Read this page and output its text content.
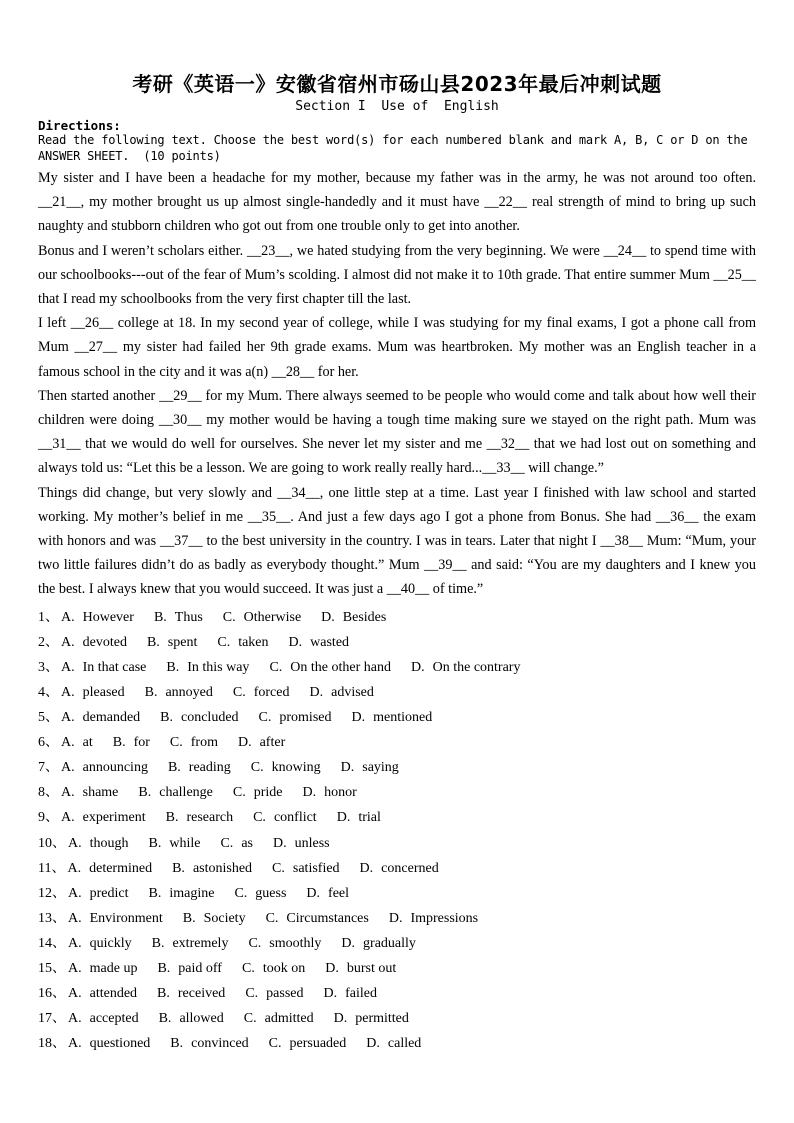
考研《英语一》安徽省宿州市砀山县2023年最后冲刺试题
Section I  Use of  English
Directions:
Read the following text. Choose the best word(s) for each numbered blank and mark A, B, C or D on the ANSWER SHEET.  (10 points)

My sister and I have been a headache for my mother, because my father was in the army, he was not around too often. __21__, my mother brought us up almost single-handedly and it must have __22__ real strength of mind to bring up such naughty and stubborn children who got out from one trouble only to get into another.

Bonus and I weren’t scholars either. __23__, we hated studying from the very beginning. We were __24__ to spend time with our schoolbooks---out of the fear of Mum’s scolding. I almost did not make it to 10th grade. That entire summer Mum __25__ that I read my schoolbooks from the very first chapter till the last.

I left __26__ college at 18. In my second year of college, while I was studying for my final exams, I got a phone call from Mum __27__ my sister had failed her 9th grade exams. Mum was heartbroken. My mother was an English teacher in a famous school in the city and it was a(n) __28__ for her.

Then started another __29__ for my Mum. There always seemed to be people who would come and talk about how well their children were doing __30__ my mother would be having a tough time making sure we stayed on the right path. Mum was __31__ that we would do well for ourselves. She never let my sister and me __32__ that we had lost out on something and always told us: “Let this be a lesson. We are going to work really really hard...__33__ will change.”

Things did change, but very slowly and __34__, one little step at a time. Last year I finished with law school and started working. My mother’s belief in me __35__. And just a few days ago I got a phone from Bonus. She had __36__ the exam with honors and was __37__ to the best university in the country. I was in tears. Later that night I __38__ Mum: “Mum, your two little failures didn’t do as badly as everybody thought.” Mum __39__ and said: “You are my daughters and I knew you the best. I always knew that you would succeed. It was just a __40__ of time.”

1、 A. However B. Thus C. Otherwise D. Besides
2、 A. devoted B. spent C. taken D. wasted
3、 A. In that case B. In this way C. On the other hand D. On the contrary
4、 A. pleased B. annoyed C. forced D. advised
5、 A. demanded B. concluded C. promised D. mentioned
6、 A. at B. for C. from D. after
7、 A. announcing B. reading C. knowing D. saying
8、 A. shame B. challenge C. pride D. honor
9、 A. experiment B. research C. conflict D. trial
10、 A. though B. while C. as D. unless
11、 A. determined B. astonished C. satisfied D. concerned
12、 A. predict B. imagine C. guess D. feel
13、 A. Environment B. Society C. Circumstances D. Impressions
14、 A. quickly B. extremely C. smoothly D. gradually
15、 A. made up B. paid off C. took on D. burst out
16、 A. attended B. received C. passed D. failed
17、 A. accepted B. allowed C. admitted D. permitted
18、 A. questioned B. convinced C. persuaded D. called
